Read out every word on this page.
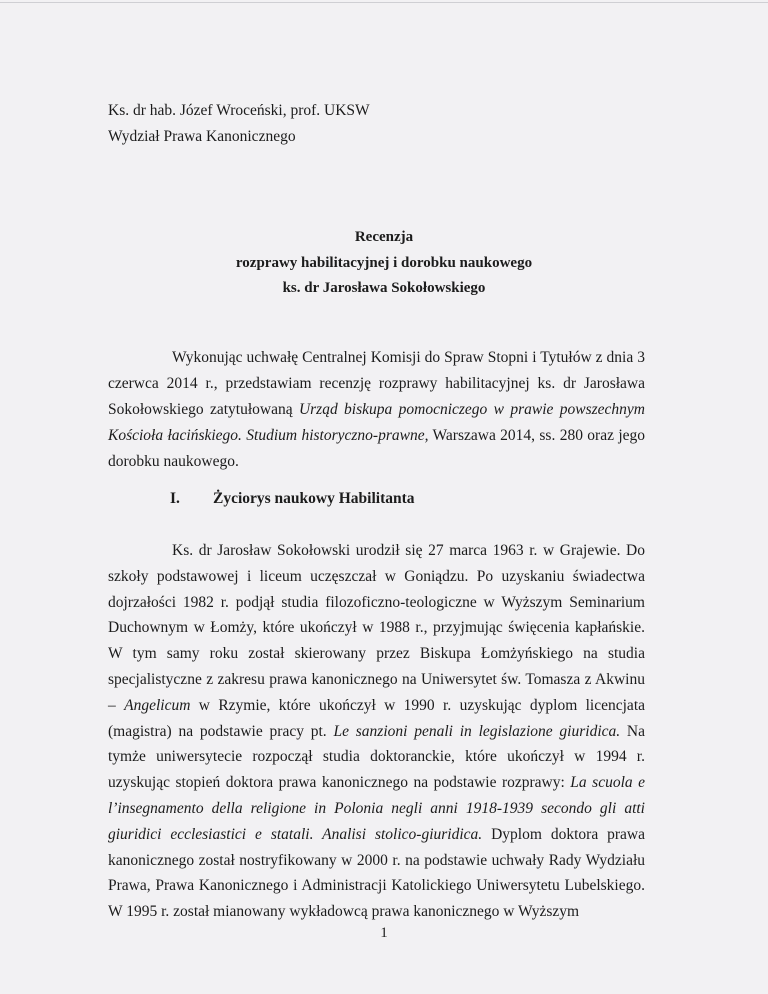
Ks. dr hab. Józef Wroceński, prof. UKSW
Wydział Prawa Kanonicznego
Recenzja
rozprawy habilitacyjnej i dorobku naukowego
ks. dr Jarosława Sokołowskiego

Wykonując uchwałę Centralnej Komisji do Spraw Stopni i Tytułów z dnia 3 czerwca 2014 r., przedstawiam recenzję rozprawy habilitacyjnej ks. dr Jarosława Sokołowskiego zatytułowaną Urząd biskupa pomocniczego w prawie powszechnym Kościoła łacińskiego. Studium historyczno-prawne, Warszawa 2014, ss. 280 oraz jego dorobku naukowego.

I. Życiorys naukowy Habilitanta

Ks. dr Jarosław Sokołowski urodził się 27 marca 1963 r. w Grajewie. Do szkoły podstawowej i liceum uczęszczał w Goniądzu. Po uzyskaniu świadectwa dojrzałości 1982 r. podjął studia filozoficzno-teologiczne w Wyższym Seminarium Duchownym w Łomży, które ukończył w 1988 r., przyjmując święcenia kapłańskie. W tym samy roku został skierowany przez Biskupa Łomżyńskiego na studia specjalistyczne z zakresu prawa kanonicznego na Uniwersytet św. Tomasza z Akwinu – Angelicum w Rzymie, które ukończył w 1990 r. uzyskując dyplom licencjata (magistra) na podstawie pracy pt. Le sanzioni penali in legislazione giuridica. Na tymże uniwersytecie rozpoczął studia doktoranckie, które ukończył w 1994 r. uzyskując stopień doktora prawa kanonicznego na podstawie rozprawy: La scuola e l’insegnamento della religione in Polonia negli anni 1918-1939 secondo gli atti giuridici ecclesiastici e statali. Analisi stolico-giuridica. Dyplom doktora prawa kanonicznego został nostryfikowany w 2000 r. na podstawie uchwały Rady Wydziału Prawa, Prawa Kanonicznego i Administracji Katolickiego Uniwersytetu Lubelskiego. W 1995 r. został mianowany wykładowcą prawa kanonicznego w Wyższym

1
